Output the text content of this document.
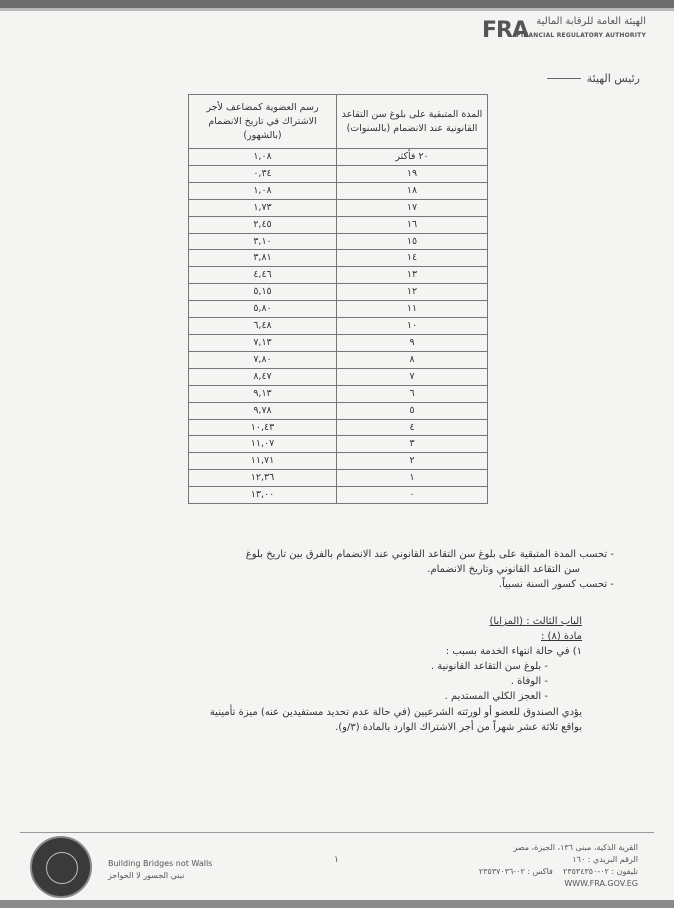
FRA الهيئة العامة للرقابة المالية
FINANCIAL REGULATORY AUTHORITY
رئيس الهيئة
المدة المتبقية على بلوغ سن التقاعد القانونية عند الانضمام (بالسنوات)	رسم العضوية كمضاعف لأجر الاشتراك في تاريخ الانضمام (بالشهور)
٢٠ فأكثر	١,٠٨
١٩	٠,٣٤
١٨	١,٠٨
١٧	١,٧٣
١٦	٢,٤٥
١٥	٣,١٠
١٤	٣,٨١
١٣	٤,٤٦
١٢	٥,١٥
١١	٥,٨٠
١٠	٦,٤٨
٩	٧,١٣
٨	٧,٨٠
٧	٨,٤٧
٦	٩,١٣
٥	٩,٧٨
٤	١٠,٤٣
٣	١١,٠٧
٢	١١,٧١
١	١٢,٣٦
٠	١٣,٠٠

- تحسب المدة المتبقية على بلوغ سن التقاعد القانوني عند الانضمام بالفرق بين تاريخ بلوغ

سن التقاعد القانوني وتاريخ الانضمام.

- تحسب كسور السنة نسبياً.

الباب الثالث : (المزايا)

مادة (٨) :

١) في حالة انتهاء الخدمة بسبب :

- بلوغ سن التقاعد القانونية .

- الوفاة .

- العجز الكلي المستديم .

يؤدي الصندوق للعضو أو لورثته الشرعيين (في حالة عدم تحديد مستفيدين عنه) ميزة تأمينية

بواقع ثلاثة عشر شهراً من أجر الاشتراك الوارد بالمادة (٣/و).

Building Bridges not Walls
نبني الجسور لا الحواجز
١
القرية الذكية، مبنى ١٣٦، الجيزة، مصر
الرقم البريدي : ١٦٠
تليفون : ٠٢-٢٣٥٣٤٣٥٠    فاكس : ٠٢-٢٣٥٣٧٠٣٦
WWW.FRA.GOV.EG
